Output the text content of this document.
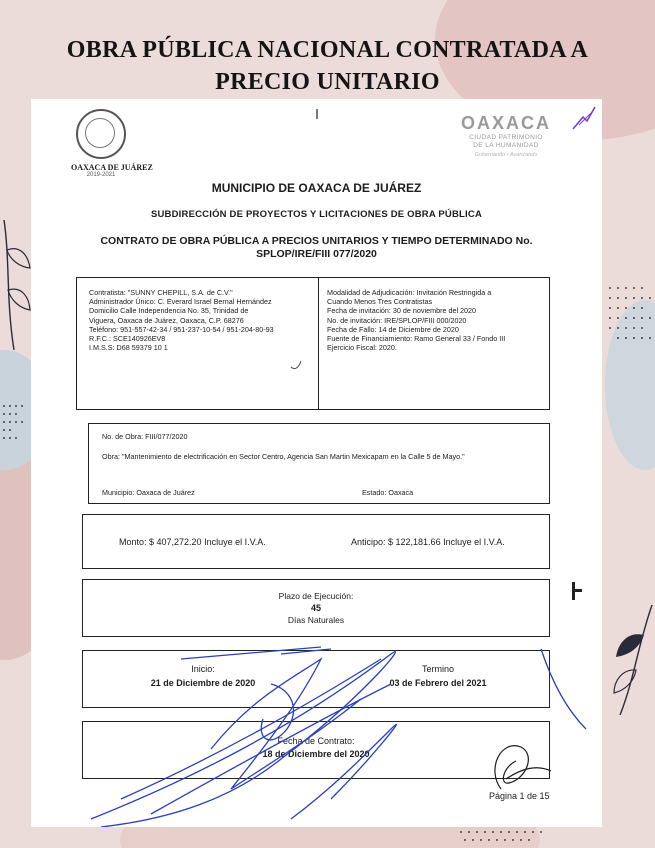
OBRA PÚBLICA NACIONAL CONTRATADA A
PRECIO UNITARIO
OAXACA DE JUÁREZ
2019-2021
OAXACA
CIUDAD PATRIMONIO
DE LA HUMANIDAD
Gobernando • Avanzando
MUNICIPIO DE OAXACA DE JUÁREZ
SUBDIRECCIÓN DE PROYECTOS Y LICITACIONES DE OBRA PÚBLICA
CONTRATO DE OBRA PÚBLICA A PRECIOS UNITARIOS Y TIEMPO DETERMINADO No.
SPLOP/IRE/FIII 077/2020
Contratista: "SUNNY CHEPILL, S.A. de C.V."
Administrador Único: C. Everard Israel Bernal Hernández
Domicilio Calle Independencia No. 35, Trinidad de
Viguera, Oaxaca de Juárez, Oaxaca, C.P. 68276
Teléfono: 951-557-42-34 / 951-237-10-54 / 951-204-80-93
R.F.C.: SCE140926EV8
I.M.S.S: D68 59379 10 1
Modalidad de Adjudicación: Invitación Restringida a
Cuando Menos Tres Contratistas
Fecha de invitación: 30 de noviembre del 2020
No. de invitación: IRE/SPLOP/FIII 000/2020
Fecha de Fallo: 14 de Diciembre de 2020
Fuente de Financiamiento: Ramo General 33 / Fondo III
Ejercicio Fiscal: 2020.
No. de Obra: FIII/077/2020
Obra: "Mantenimiento de electrificación en Sector Centro, Agencia San Martin Mexicapam en la Calle 5 de Mayo."
Municipio: Oaxaca de Juárez	Estado: Oaxaca
Monto: $ 407,272.20 Incluye el I.V.A.	Anticipo: $ 122,181.66 Incluye el I.V.A.
Plazo de Ejecución:
45
Días Naturales
Inicio:
21 de Diciembre de 2020
Termino
03 de Febrero del 2021
Fecha de Contrato:
18 de Diciembre del 2020
Página 1 de 15
